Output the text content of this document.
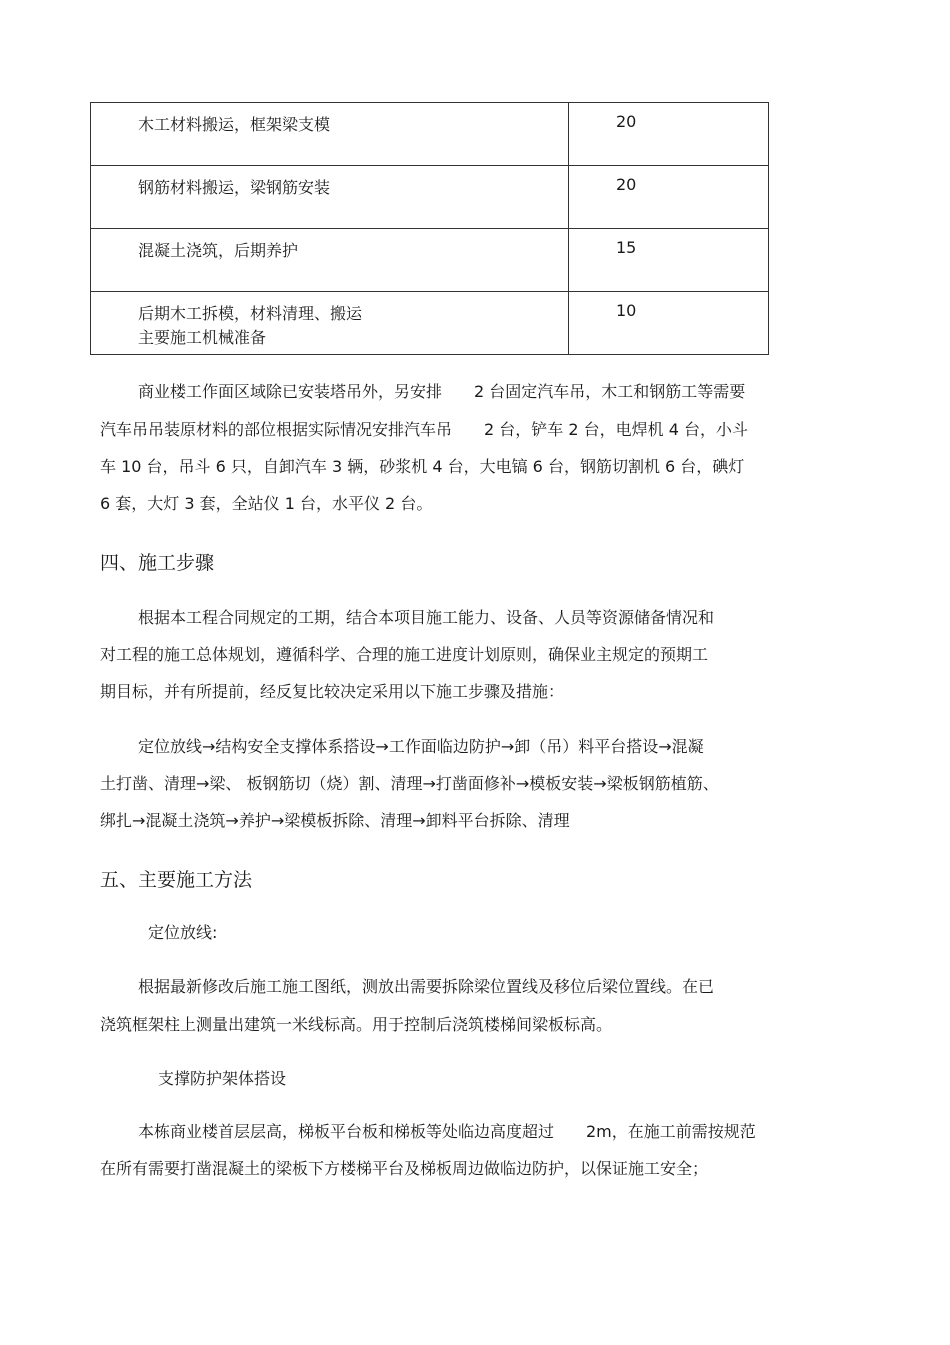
木工材料搬运，框架梁支模	20
钢筋材料搬运，梁钢筋安装	20
混凝土浇筑，后期养护	15
后期木工拆模，材料清理、搬运	10
主要施工机械准备
商业楼工作面区域除已安装塔吊外，另安排　　2 台固定汽车吊，木工和钢筋工等需要
汽车吊吊装原材料的部位根据实际情况安排汽车吊　　2 台，铲车 2 台，电焊机 4 台，小斗
车 10 台，吊斗 6 只，自卸汽车 3 辆，砂浆机 4 台，大电镐 6 台，钢筋切割机 6 台，碘灯
6 套，大灯 3 套，全站仪 1 台，水平仪 2 台。
四、施工步骤
根据本工程合同规定的工期，结合本项目施工能力、设备、人员等资源储备情况和
对工程的施工总体规划，遵循科学、合理的施工进度计划原则，确保业主规定的预期工
期目标，并有所提前，经反复比较决定采用以下施工步骤及措施：
定位放线→结构安全支撑体系搭设→工作面临边防护→卸（吊）料平台搭设→混凝
土打凿、清理→梁、 板钢筋切（烧）割、清理→打凿面修补→模板安装→梁板钢筋植筋、
绑扎→混凝土浇筑→养护→梁模板拆除、清理→卸料平台拆除、清理
五、主要施工方法
定位放线:
根据最新修改后施工施工图纸，测放出需要拆除梁位置线及移位后梁位置线。在已
浇筑框架柱上测量出建筑一米线标高。用于控制后浇筑楼梯间梁板标高。
支撑防护架体搭设
本栋商业楼首层层高，梯板平台板和梯板等处临边高度超过　　2m，在施工前需按规范
在所有需要打凿混凝土的梁板下方楼梯平台及梯板周边做临边防护，以保证施工安全；
